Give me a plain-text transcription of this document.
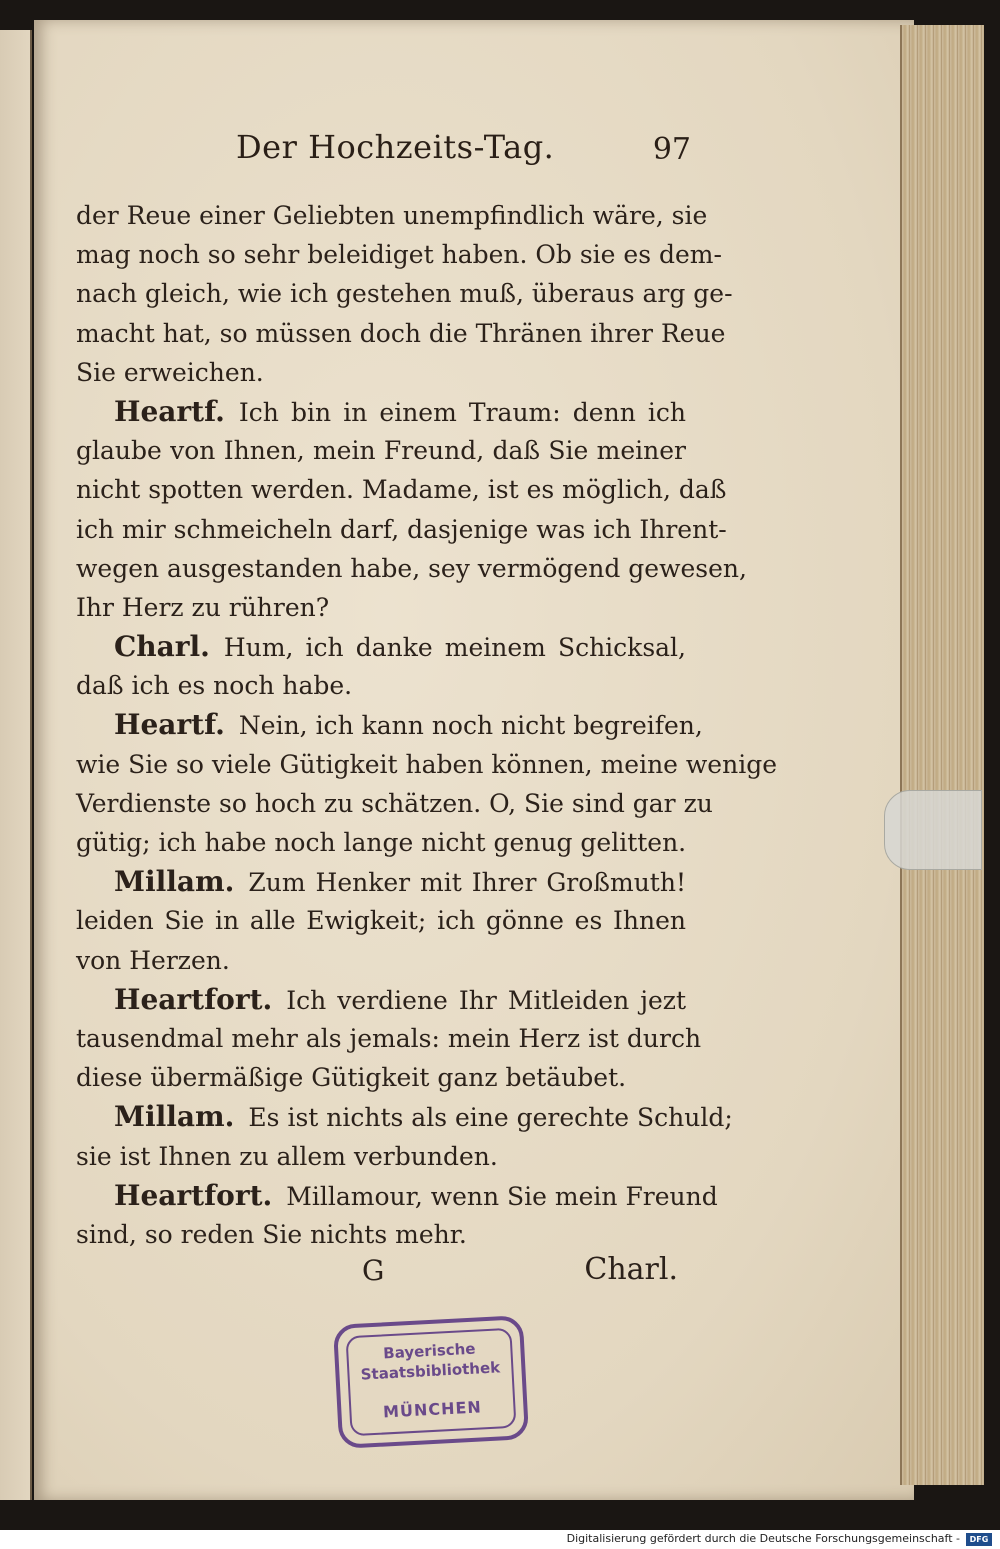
Der Hochzeits-Tag.	97
der Reue einer Geliebten unempfindlich wäre, sie
mag noch so sehr beleidiget haben. Ob sie es dem-
nach gleich, wie ich gestehen muß, überaus arg ge-
macht hat, so müssen doch die Thränen ihrer Reue
Sie erweichen.
Heartf. Ich bin in einem Traum: denn ich
glaube von Ihnen, mein Freund, daß Sie meiner
nicht spotten werden. Madame, ist es möglich, daß
ich mir schmeicheln darf, dasjenige was ich Ihrent-
wegen ausgestanden habe, sey vermögend gewesen,
Ihr Herz zu rühren?
Charl. Hum, ich danke meinem Schicksal,
daß ich es noch habe.
Heartf. Nein, ich kann noch nicht begreifen,
wie Sie so viele Gütigkeit haben können, meine wenige
Verdienste so hoch zu schätzen. O, Sie sind gar zu
gütig; ich habe noch lange nicht genug gelitten.
Millam. Zum Henker mit Ihrer Großmuth!
leiden Sie in alle Ewigkeit; ich gönne es Ihnen
von Herzen.
Heartfort. Ich verdiene Ihr Mitleiden jezt
tausendmal mehr als jemals: mein Herz ist durch
diese übermäßige Gütigkeit ganz betäubet.
Millam. Es ist nichts als eine gerechte Schuld;
sie ist Ihnen zu allem verbunden.
Heartfort. Millamour, wenn Sie mein Freund
sind, so reden Sie nichts mehr.
G	Charl.
Bayerische
Staatsbibliothek
MÜNCHEN
Digitalisierung gefördert durch die Deutsche Forschungsgemeinschaft -	DFG
